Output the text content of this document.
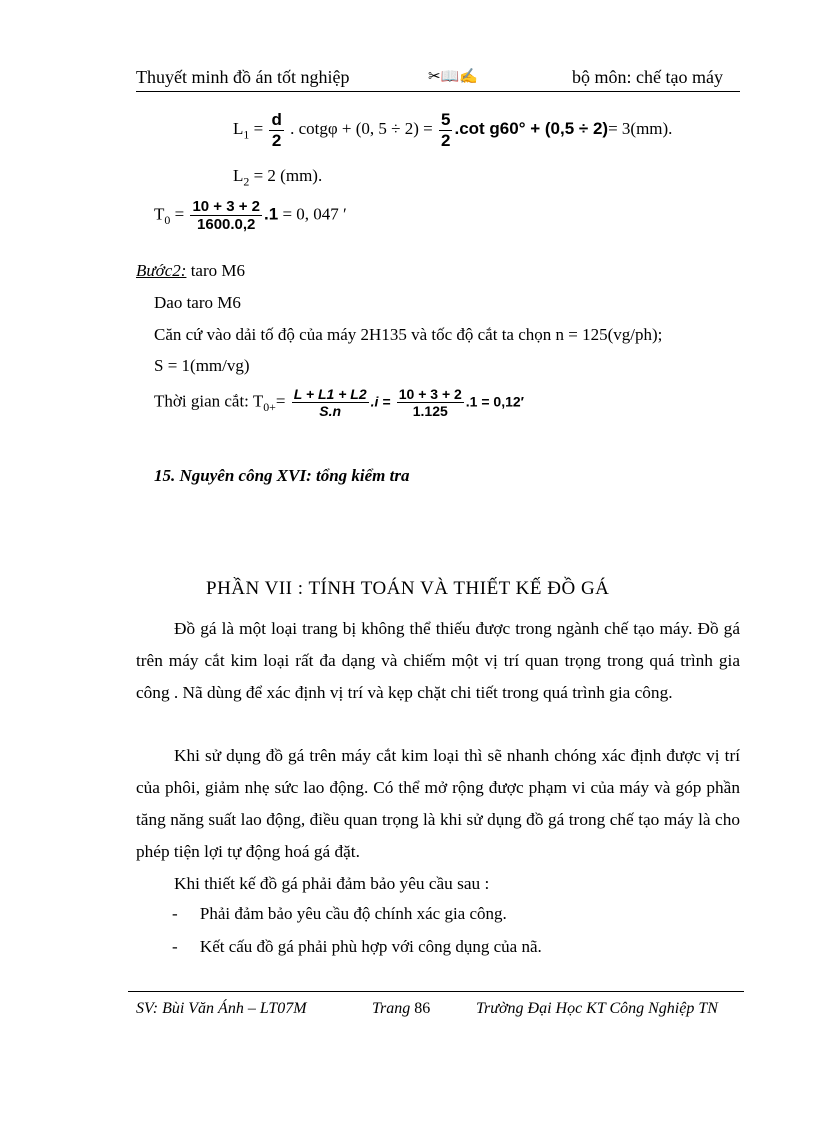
Thuyết minh đồ án tốt nghiệp	✂📖✍	bộ môn: chế tạo máy
$L_1 = \frac{d}{2}$ . cotgφ + (0, $5 \div 2) = \frac{5}{2} .\cot$ g60° + (0,5 ÷ 2)= 3(mm).
$L_2 = 2$ (mm).
$T_0 = \frac{10 + 3 + 2}{1600.0,2} .1 = 0$, 047 ′
Bước2: taro M6
Dao taro M6
Căn cứ vào dải tố độ của máy 2H135 và tốc độ cắt ta chọn n = 125(vg/ph);
S = 1(mm/vg)
Thời gian cắt: $T_{0+}= \frac{L + L1 + L2}{S.n} .i = \frac{10 + 3 + 2}{1.125} .1 = 0,12'$
15. Nguyên công XVI: tổng kiểm tra
PHẦN VII : TÍNH TOÁN VÀ THIẾT KẾ ĐỒ GÁ
Đồ gá là một loại trang bị không thể thiếu được trong ngành chế tạo máy. Đồ gá trên máy cắt kim loại rất đa dạng và chiếm một vị trí quan trọng trong quá trình gia công . Nã dùng để xác định vị trí và kẹp chặt chi tiết trong quá trình gia công.
Khi sử dụng đồ gá trên máy cắt kim loại thì sẽ nhanh chóng xác định được vị trí của phôi, giảm nhẹ sức lao động. Có thể mở rộng được phạm vi của máy và góp phần tăng năng suất lao động, điều quan trọng là khi sử dụng đồ gá trong chế tạo máy là cho phép tiện lợi tự động hoá gá đặt.
Khi thiết kế đồ gá phải đảm bảo yêu cầu sau :
- Phải đảm bảo yêu cầu độ chính xác gia công.
- Kết cấu đồ gá phải phù hợp với công dụng của nã.
SV: Bùi Văn Ánh – LT07M	Trang 86	Trường Đại Học KT Công Nghiệp TN
